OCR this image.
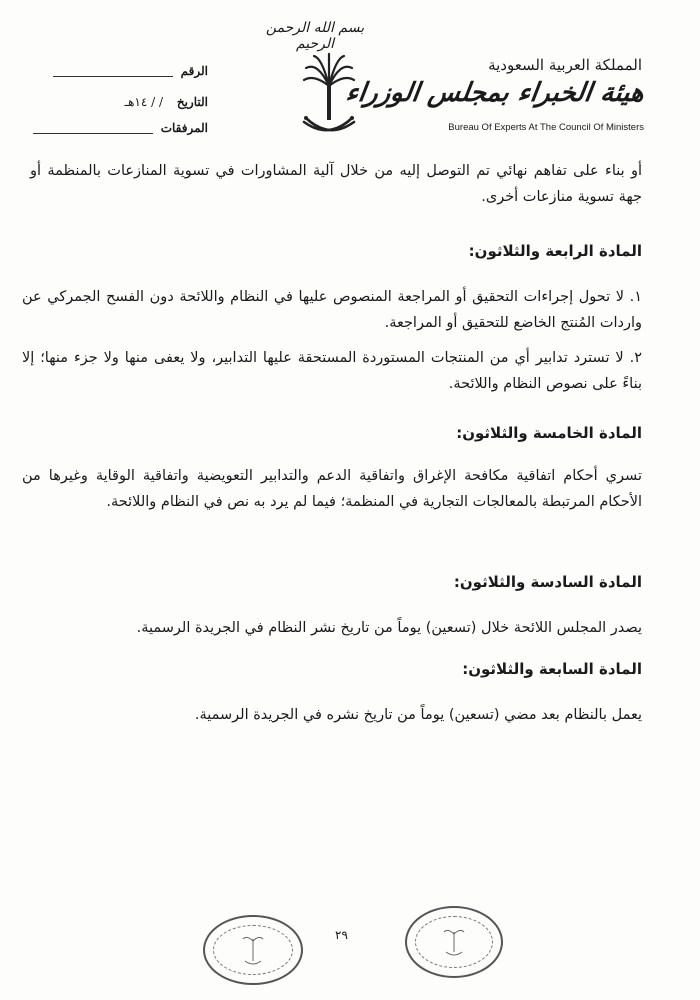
بسم الله الرحمن الرحيم
المملكة العربية السعودية
هيئة الخبراء بمجلس الوزراء
Bureau Of Experts At The Council Of Ministers
الرقم
التاريخ / / ١٤هـ
المرفقات
أو بناء على تفاهم نهائي تم التوصل إليه من خلال آلية المشاورات في تسوية المنازعات بالمنظمة أو جهة تسوية منازعات أخرى.
المادة الرابعة والثلاثون:
١. لا تحول إجراءات التحقيق أو المراجعة المنصوص عليها في النظام واللائحة دون الفسح الجمركي عن واردات المُنتج الخاضع للتحقيق أو المراجعة.
٢. لا تسترد تدابير أي من المنتجات المستوردة المستحقة عليها التدابير، ولا يعفى منها ولا جزء منها؛ إلا بناءً على نصوص النظام واللائحة.
المادة الخامسة والثلاثون:
تسري أحكام اتفاقية مكافحة الإغراق واتفاقية الدعم والتدابير التعويضية واتفاقية الوقاية وغيرها من الأحكام المرتبطة بالمعالجات التجارية في المنظمة؛ فيما لم يرد به نص في النظام واللائحة.
المادة السادسة والثلاثون:
يصدر المجلس اللائحة خلال (تسعين) يوماً من تاريخ نشر النظام في الجريدة الرسمية.
المادة السابعة والثلاثون:
يعمل بالنظام بعد مضي (تسعين) يوماً من تاريخ نشره في الجريدة الرسمية.
٢٩
